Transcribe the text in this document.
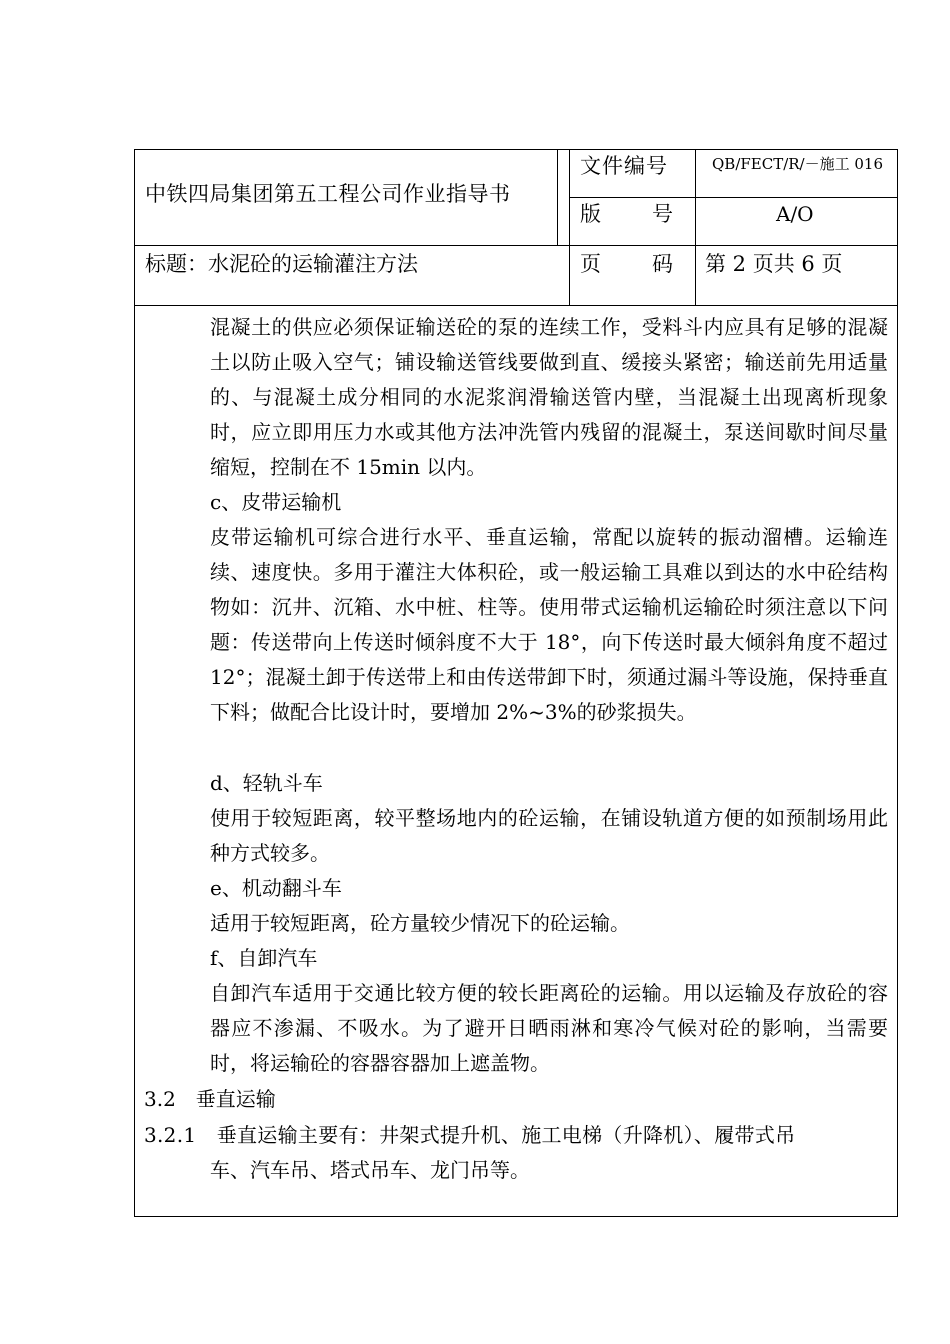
中铁四局集团第五工程公司作业指导书
文件编号	QB/FECT/R/－施工 016
版 号	A/O
标题：水泥砼的运输灌注方法	页 码 第 2 页共 6 页
混凝土的供应必须保证输送砼的泵的连续工作，受料斗内应具有足够的混凝土以防止吸入空气；铺设输送管线要做到直、缓接头紧密；输送前先用适量的、与混凝土成分相同的水泥浆润滑输送管内壁，当混凝土出现离析现象时，应立即用压力水或其他方法冲洗管内残留的混凝土，泵送间歇时间尽量缩短，控制在不 15min 以内。
c、皮带运输机
皮带运输机可综合进行水平、垂直运输，常配以旋转的振动溜槽。运输连续、速度快。多用于灌注大体积砼，或一般运输工具难以到达的水中砼结构物如：沉井、沉箱、水中桩、柱等。使用带式运输机运输砼时须注意以下问题：传送带向上传送时倾斜度不大于 18°，向下传送时最大倾斜角度不超过 12°；混凝土卸于传送带上和由传送带卸下时，须通过漏斗等设施，保持垂直下料；做配合比设计时，要增加 2%~3%的砂浆损失。
d、轻轨斗车
使用于较短距离，较平整场地内的砼运输，在铺设轨道方便的如预制场用此种方式较多。
e、机动翻斗车
适用于较短距离，砼方量较少情况下的砼运输。
f、自卸汽车
自卸汽车适用于交通比较方便的较长距离砼的运输。用以运输及存放砼的容器应不渗漏、不吸水。为了避开日晒雨淋和寒冷气候对砼的影响，当需要时，将运输砼的容器容器加上遮盖物。
3.2　垂直运输
3.2.1　垂直运输主要有：井架式提升机、施工电梯（升降机）、履带式吊
车、汽车吊、塔式吊车、龙门吊等。
